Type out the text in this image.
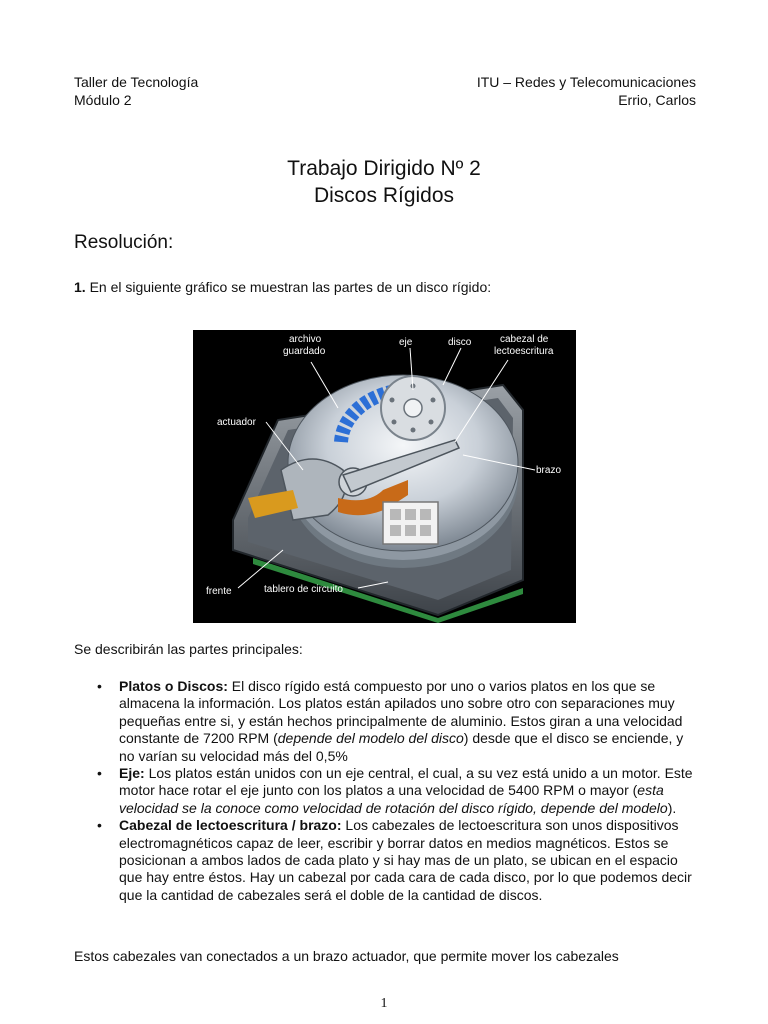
Taller de Tecnología
Módulo 2
ITU – Redes y Telecomunicaciones
Errio, Carlos
Trabajo Dirigido Nº 2
Discos Rígidos
Resolución:
1. En el siguiente gráfico se muestran las partes de un disco rígido:
archivo
guardado
eje	disco	cabezal de
lectoescritura
actuador
brazo
frente	tablero de circuito
Se describirán las partes principales:
• Platos o Discos: El disco rígido está compuesto por uno o varios platos en los que se almacena la información. Los platos están apilados uno sobre otro con separaciones muy pequeñas entre si, y están hechos principalmente de aluminio. Estos giran a una velocidad constante de 7200 RPM (depende del modelo del disco) desde que el disco se enciende, y no varían su velocidad más del 0,5%
• Eje: Los platos están unidos con un eje central, el cual, a su vez está unido a un motor. Este motor hace rotar el eje junto con los platos a una velocidad de 5400 RPM o mayor (esta velocidad se la conoce como velocidad de rotación del disco rígido, depende del modelo).
• Cabezal de lectoescritura / brazo: Los cabezales de lectoescritura son unos dispositivos electromagnéticos capaz de leer, escribir y borrar datos en medios magnéticos. Estos se posicionan a ambos lados de cada plato y si hay mas de un plato, se ubican en el espacio que hay entre éstos. Hay un cabezal por cada cara de cada disco, por lo que podemos decir que la cantidad de cabezales será el doble de la cantidad de discos.
Estos cabezales van conectados a un brazo actuador, que permite mover los cabezales
1
